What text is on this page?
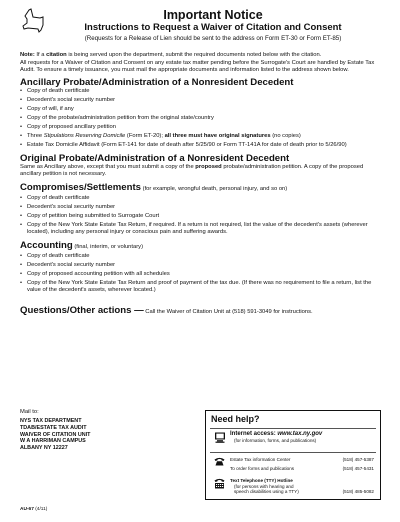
Important Notice
Instructions to Request a Waiver of Citation and Consent
(Requests for a Release of Lien should be sent to the address on Form ET-30 or Form ET-85)

Note: If a citation is being served upon the department, submit the required documents noted below with the citation.

All requests for a Waiver of Citation and Consent on any estate tax matter pending before the Surrogate's Court are handled by Estate Tax Audit. To ensure a timely issuance, you must mail the appropriate documents and information listed to the address shown below.

Ancillary Probate/Administration of a Nonresident Decedent
• Copy of death certificate
• Decedent's social security number
• Copy of will, if any
• Copy of the probate/administration petition from the original state/country
• Copy of proposed ancillary petition
• Three Stipulations Reserving Domicile (Form ET-20); all three must have original signatures (no copies)
• Estate Tax Domicile Affidavit (Form ET-141 for date of death after 5/25/90 or Form TT-141A for date of death prior to 5/26/90)
Original Probate/Administration of a Nonresident Decedent

Same as Ancillary above, except that you must submit a copy of the proposed probate/administration petition. A copy of the proposed ancillary petition is not necessary.

Compromises/Settlements (for example, wrongful death, personal injury, and so on)
• Copy of death certificate
• Decedent's social security number
• Copy of petition being submitted to Surrogate Court
• Copy of the New York State Estate Tax Return, if required. If a return is not required, list the value of the decedent's assets (wherever located), including any personal injury or conscious pain and suffering awards.
Accounting (final, interim, or voluntary)
• Copy of death certificate
• Decedent's social security number
• Copy of proposed accounting petition with all schedules
• Copy of the New York State Estate Tax Return and proof of payment of the tax due. (If there was no requirement to file a return, list the value of the decedent's assets, wherever located.)
Questions/Other actions — Call the Waiver of Citation Unit at (518) 591-3049 for instructions.
Mail to:
NYS TAX DEPARTMENT
TDAB/ESTATE TAX AUDIT
WAIVER OF CITATION UNIT
W A HARRIMAN CAMPUS
ALBANY NY 12227
Need help?
Internet access: www.tax.ny.gov
(for information, forms, and publications)
Estate Tax information Center	(518) 457-5387
To order forms and publications	(518) 457-5431
Text Telephone (TTY) Hotline
(for persons with hearing and
speech disabilities using a TTY)	(518) 485-5082
AU-67 (4/11)
